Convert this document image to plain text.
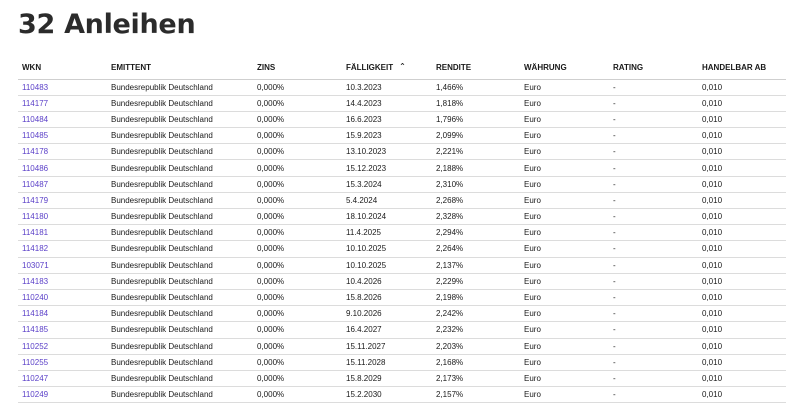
32 Anleihen
WKN	EMITTENT	ZINS	FÄLLIGKEIT ⌃	RENDITE	WÄHRUNG	RATING	HANDELBAR AB
110483	Bundesrepublik Deutschland	0,000%	10.3.2023	1,466%	Euro	-	0,010
114177	Bundesrepublik Deutschland	0,000%	14.4.2023	1,818%	Euro	-	0,010
110484	Bundesrepublik Deutschland	0,000%	16.6.2023	1,796%	Euro	-	0,010
110485	Bundesrepublik Deutschland	0,000%	15.9.2023	2,099%	Euro	-	0,010
114178	Bundesrepublik Deutschland	0,000%	13.10.2023	2,221%	Euro	-	0,010
110486	Bundesrepublik Deutschland	0,000%	15.12.2023	2,188%	Euro	-	0,010
110487	Bundesrepublik Deutschland	0,000%	15.3.2024	2,310%	Euro	-	0,010
114179	Bundesrepublik Deutschland	0,000%	5.4.2024	2,268%	Euro	-	0,010
114180	Bundesrepublik Deutschland	0,000%	18.10.2024	2,328%	Euro	-	0,010
114181	Bundesrepublik Deutschland	0,000%	11.4.2025	2,294%	Euro	-	0,010
114182	Bundesrepublik Deutschland	0,000%	10.10.2025	2,264%	Euro	-	0,010
103071	Bundesrepublik Deutschland	0,000%	10.10.2025	2,137%	Euro	-	0,010
114183	Bundesrepublik Deutschland	0,000%	10.4.2026	2,229%	Euro	-	0,010
110240	Bundesrepublik Deutschland	0,000%	15.8.2026	2,198%	Euro	-	0,010
114184	Bundesrepublik Deutschland	0,000%	9.10.2026	2,242%	Euro	-	0,010
114185	Bundesrepublik Deutschland	0,000%	16.4.2027	2,232%	Euro	-	0,010
110252	Bundesrepublik Deutschland	0,000%	15.11.2027	2,203%	Euro	-	0,010
110255	Bundesrepublik Deutschland	0,000%	15.11.2028	2,168%	Euro	-	0,010
110247	Bundesrepublik Deutschland	0,000%	15.8.2029	2,173%	Euro	-	0,010
110249	Bundesrepublik Deutschland	0,000%	15.2.2030	2,157%	Euro	-	0,010
